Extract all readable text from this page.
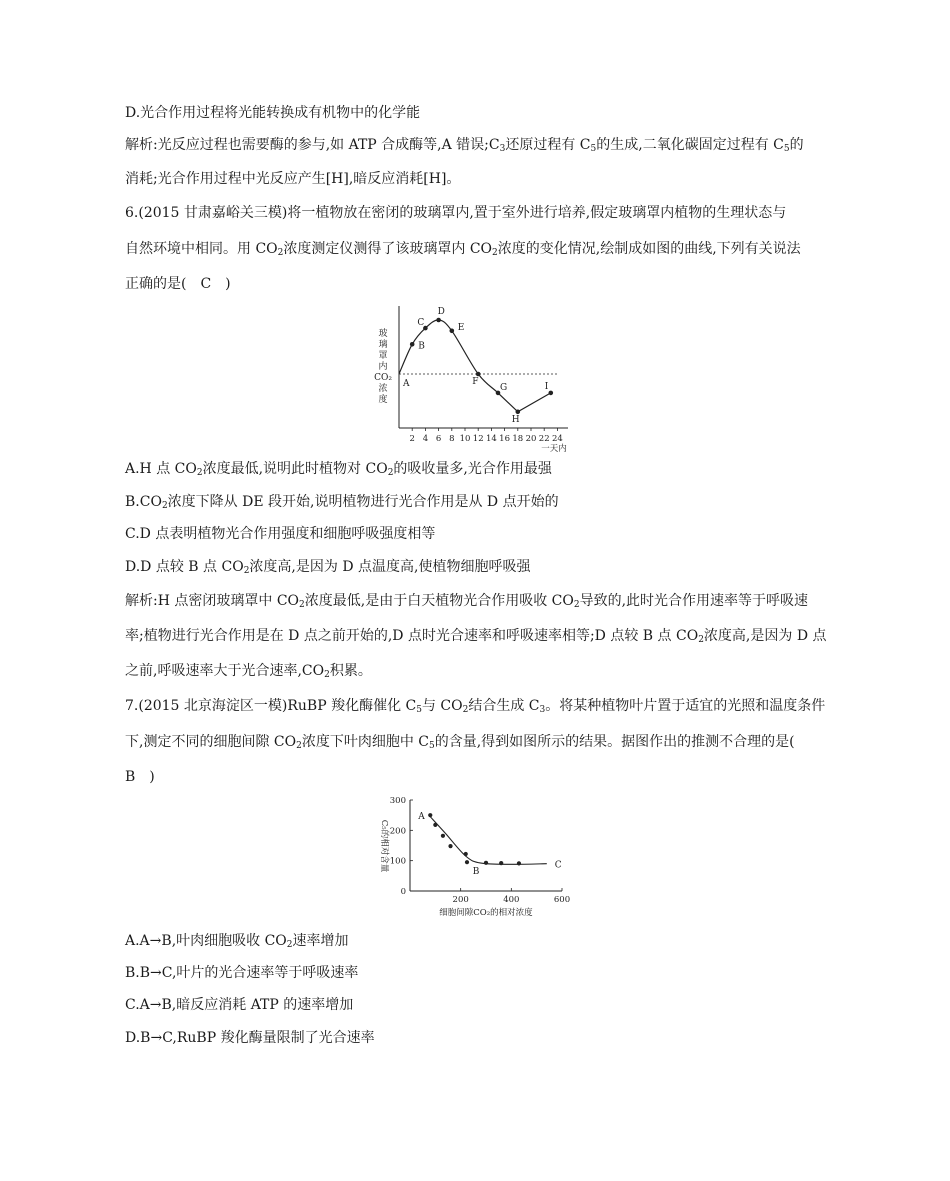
D.光合作用过程将光能转换成有机物中的化学能
解析:光反应过程也需要酶的参与,如 ATP 合成酶等,A 错误$;C_3$还原过程有 $C_5$的生成,二氧化碳固定过程有 $C_5$的
消耗;光合作用过程中光反应产生[H],暗反应消耗[H]。
6.(2015 甘肃嘉峪关三模)将一植物放在密闭的玻璃罩内,置于室外进行培养,假定玻璃罩内植物的生理状态与
自然环境中相同。用 $CO_2$浓度测定仪测得了该玻璃罩内 $CO_2$浓度的变化情况,绘制成如图的曲线,下列有关说法
正确的是(　C　)
玻
璃
罩
内
CO₂
浓
度
2 4 6 8 10 12 14 16 18 20 22 24
一天内
A
B
C
D
E
F
G
H
I
A.H 点 $CO_2$浓度最低,说明此时植物对 $CO_2$的吸收量多,光合作用最强
$B.CO_2$浓度下降从 DE 段开始,说明植物进行光合作用是从 D 点开始的
C.D 点表明植物光合作用强度和细胞呼吸强度相等
D.D 点较 B 点 $CO_2$浓度高,是因为 D 点温度高,使植物细胞呼吸强
解析:H 点密闭玻璃罩中 $CO_2$浓度最低,是由于白天植物光合作用吸收 $CO_2$导致的,此时光合作用速率等于呼吸速
率;植物进行光合作用是在 D 点之前开始的,D 点时光合速率和呼吸速率相等;D 点较 B 点 $CO_2$浓度高,是因为 D 点
之前,呼吸速率大于光合速率$,CO_2$积累。
7.(2015 北京海淀区一模)RuBP 羧化酶催化 $C_5$与 $CO_2$结合生成 $C_3$。将某种植物叶片置于适宜的光照和温度条件
下,测定不同的细胞间隙 $CO_2$浓度下叶肉细胞中 $C_5$的含量,得到如图所示的结果。据图作出的推测不合理的是(
B　)
0
100
200
300
200	400	600
细胞间隙CO₂的相对浓度
C₅的相对含量
A
B
C
A.A→B,叶肉细胞吸收 $CO_2$速率增加
B.B→C,叶片的光合速率等于呼吸速率
C.A→B,暗反应消耗 ATP 的速率增加
D.B→C,RuBP 羧化酶量限制了光合速率
